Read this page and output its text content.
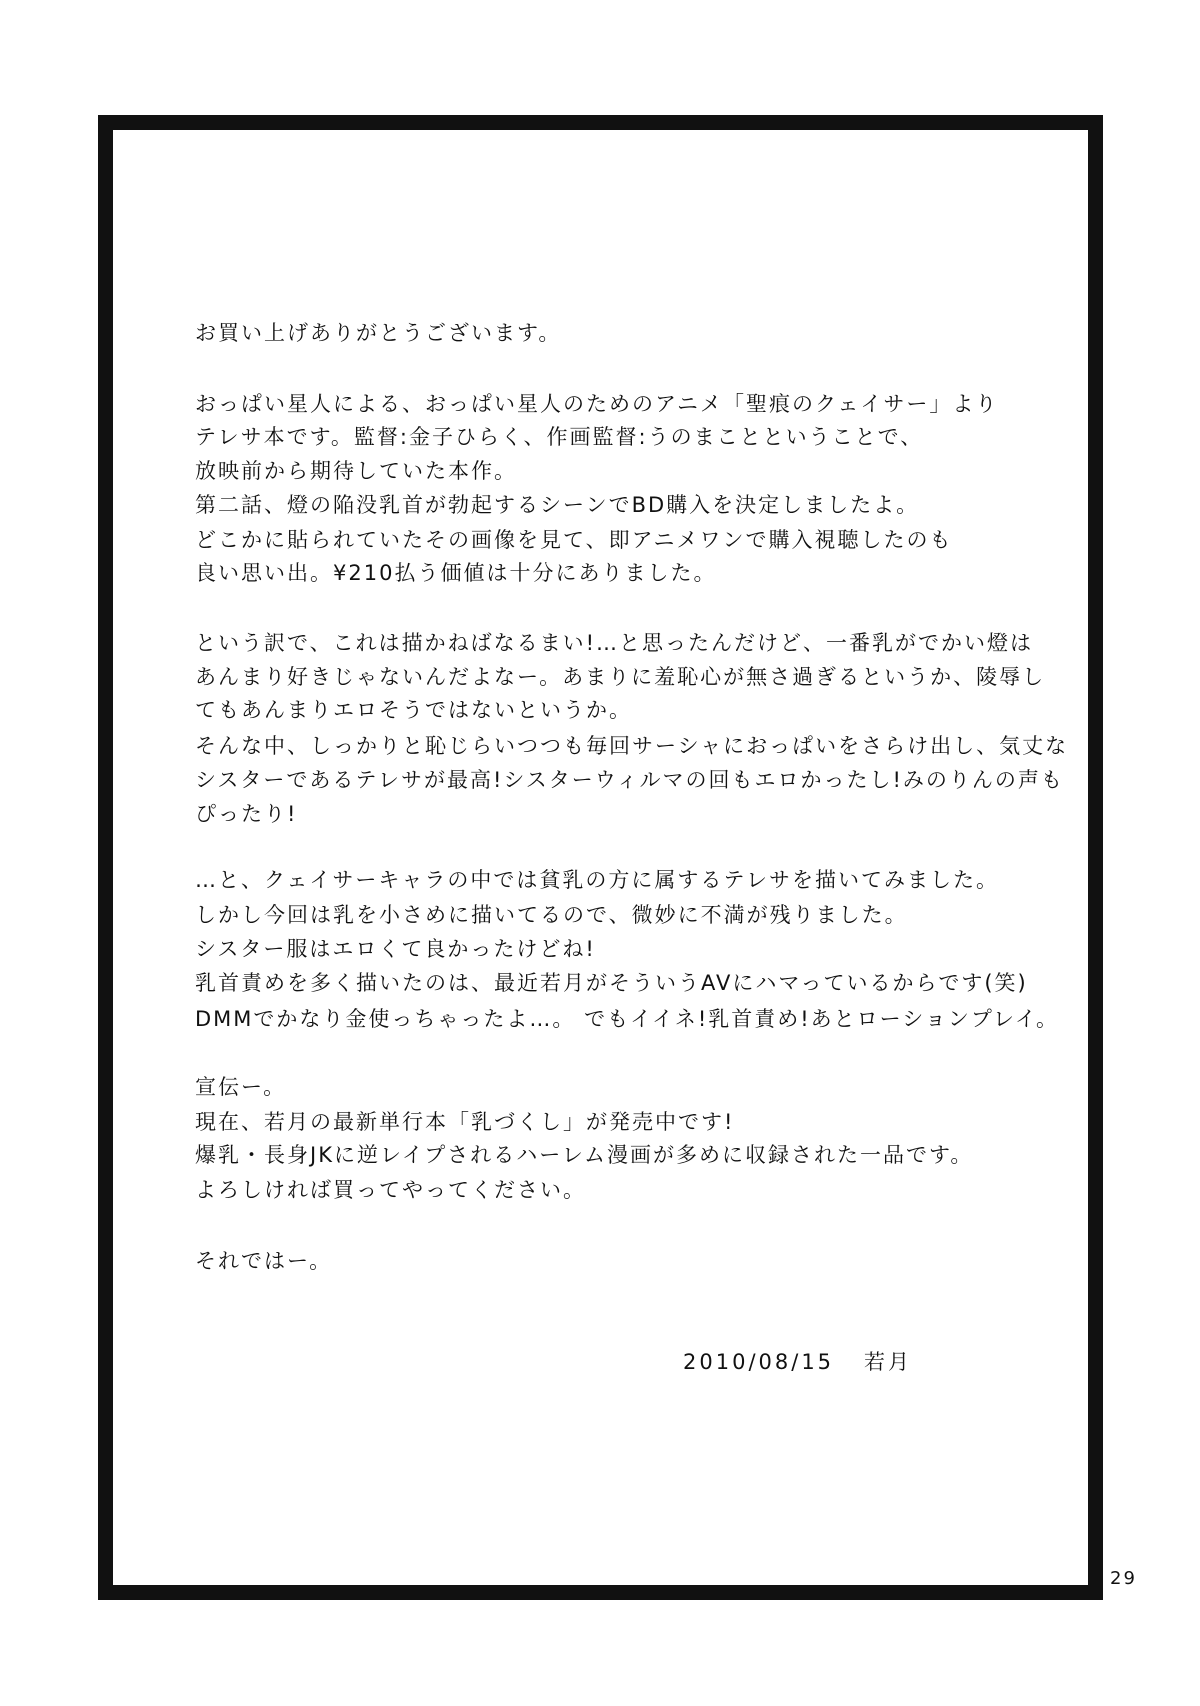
お買い上げありがとうございます。
おっぱい星人による、おっぱい星人のためのアニメ「聖痕のクェイサー」より
テレサ本です。監督:金子ひらく、作画監督:うのまことということで、
放映前から期待していた本作。
第二話、燈の陥没乳首が勃起するシーンでBD購入を決定しましたよ。
どこかに貼られていたその画像を見て、即アニメワンで購入視聴したのも
良い思い出。¥210払う価値は十分にありました。
という訳で、これは描かねばなるまい!…と思ったんだけど、一番乳がでかい燈は
あんまり好きじゃないんだよなー。あまりに羞恥心が無さ過ぎるというか、陵辱し
てもあんまりエロそうではないというか。
そんな中、しっかりと恥じらいつつも毎回サーシャにおっぱいをさらけ出し、気丈な
シスターであるテレサが最高!シスターウィルマの回もエロかったし!みのりんの声も
ぴったり!
…と、クェイサーキャラの中では貧乳の方に属するテレサを描いてみました。
しかし今回は乳を小さめに描いてるので、微妙に不満が残りました。
シスター服はエロくて良かったけどね!
乳首責めを多く描いたのは、最近若月がそういうAVにハマっているからです(笑)
DMMでかなり金使っちゃったよ…。 でもイイネ!乳首責め!あとローションプレイ。
宣伝ー。
現在、若月の最新単行本「乳づくし」が発売中です!
爆乳・長身JKに逆レイプされるハーレム漫画が多めに収録された一品です。
よろしければ買ってやってください。
それではー。
2010/08/15 若月
29
